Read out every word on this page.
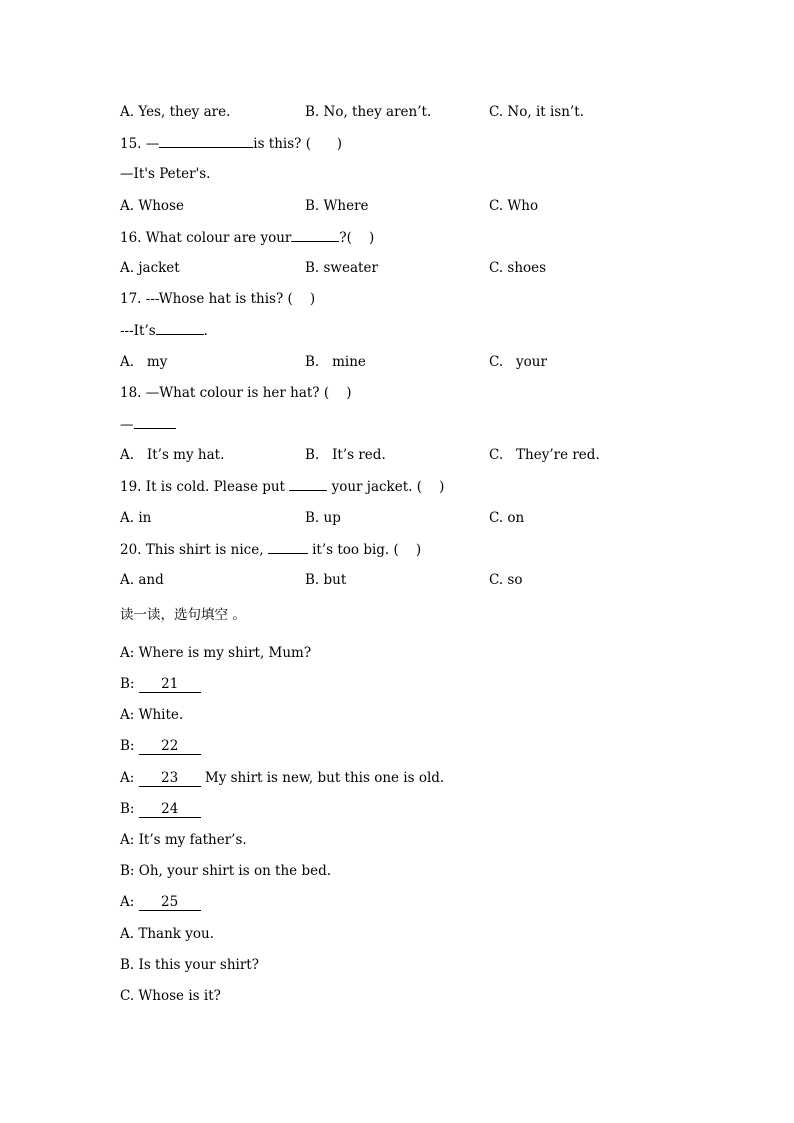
A. Yes, they are.	B. No, they aren’t.	C. No, it isn’t.
15. —	is this? (      )
—It's Peter's.
A. Whose	B. Where	C. Who
16. What colour are your	?(    )
A. jacket	B. sweater	C. shoes
17. ---Whose hat is this? (    )
---It’s	.
A.   my	B.   mine	C.   your
18. —What colour is her hat? (    )
—
A.   It’s my hat.	B.   It’s red.	C.   They’re red.
19. It is cold. Please put	your jacket. (    )
A. in	B. up	C. on
20. This shirt is nice,	it’s too big. (    )
A. and	B. but	C. so
读一读，选句填空 。
A: Where is my shirt, Mum?
B: 21
A: White.
B: 22
A: 23 My shirt is new, but this one is old.
B: 24
A: It’s my father’s.
B: Oh, your shirt is on the bed.
A: 25
A. Thank you.
B. Is this your shirt?
C. Whose is it?
